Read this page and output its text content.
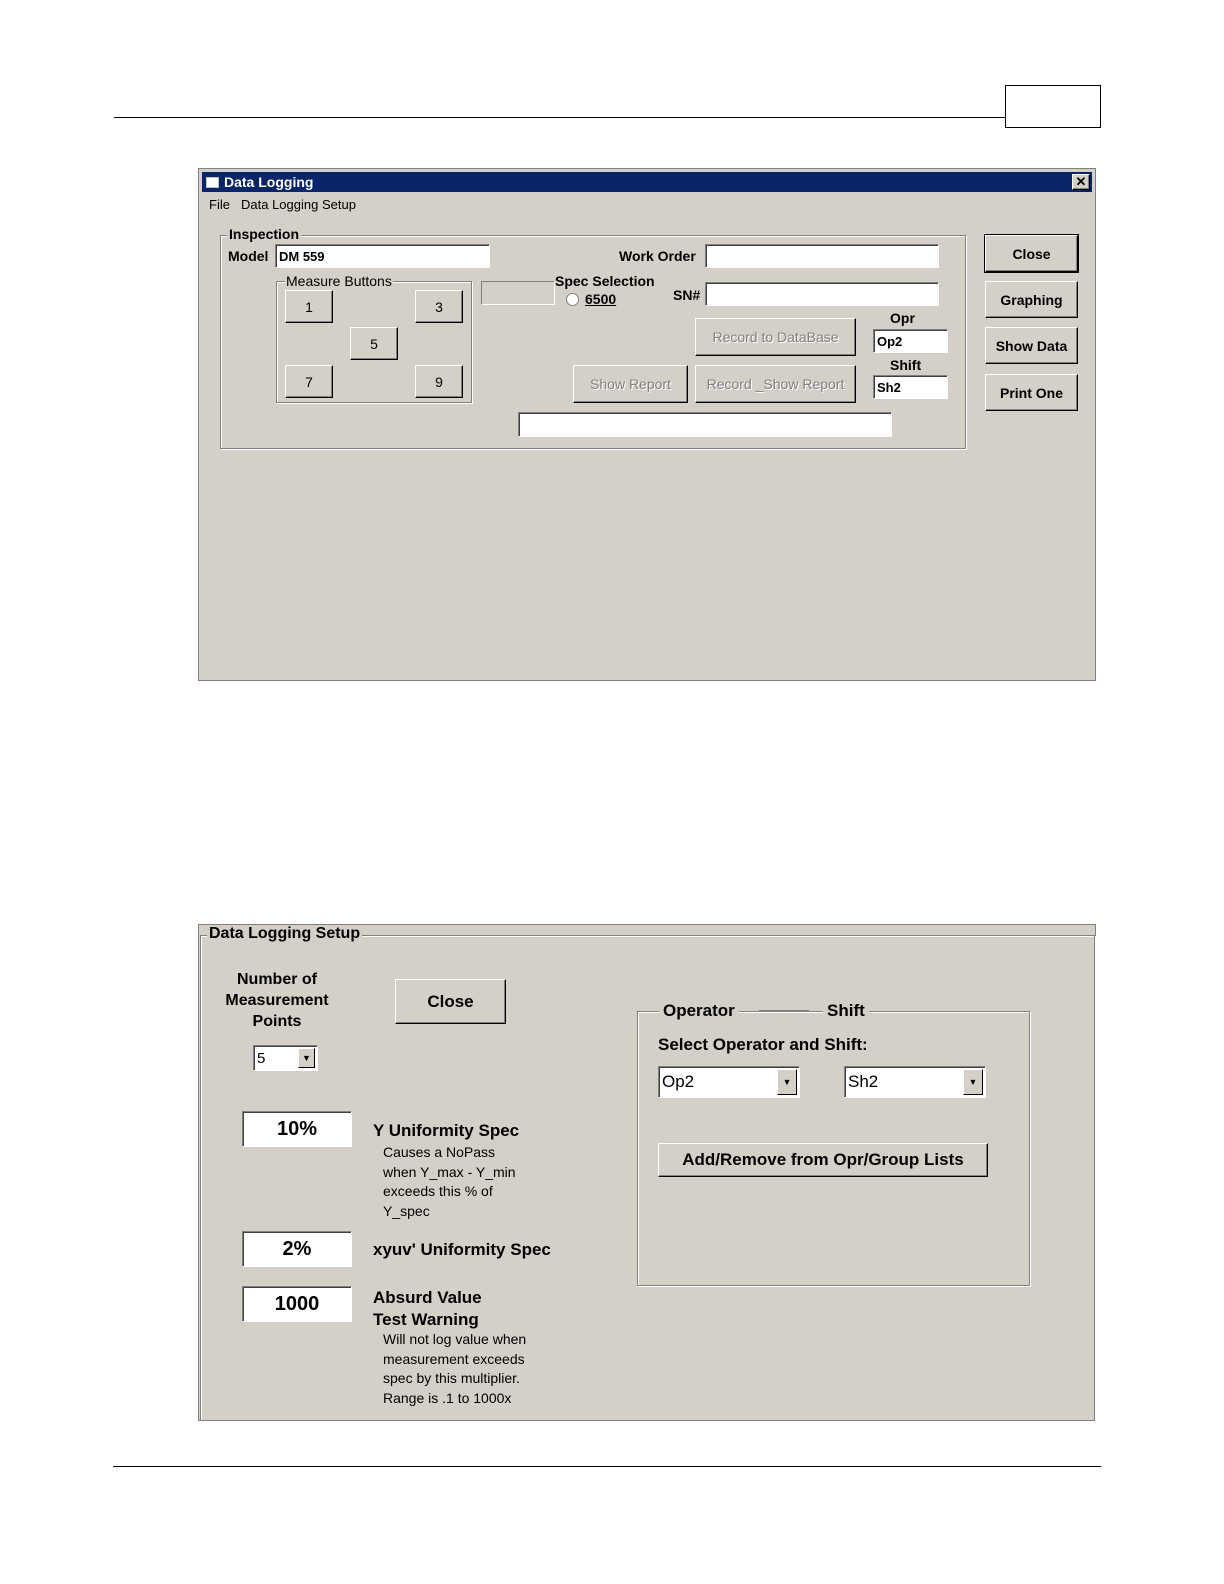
Data Logging	✕
File Data Logging Setup
Inspection
Model DM 559	Work Order
Measure Buttons
1	3
5
7	9
Spec Selection
6500	SN#
Record to DataBase
Opr
Op2
Show Report	Record _Show Report
Shift
Sh2
Close
Graphing
Show Data
Print One
Data Logging Setup
Number of
Measurement
Points
5	▼
Close
10%	Y Uniformity Spec
Causes a NoPass
when Y_max - Y_min
exceeds this % of
Y_spec
2%	xyuv' Uniformity Spec
1000	Absurd Value
Test Warning
Will not log value when
measurement exceeds
spec by this multiplier.
Range is .1 to 1000x
Operator	Shift
Select Operator and Shift:
Op2	▼	Sh2	▼
Add/Remove from Opr/Group Lists
